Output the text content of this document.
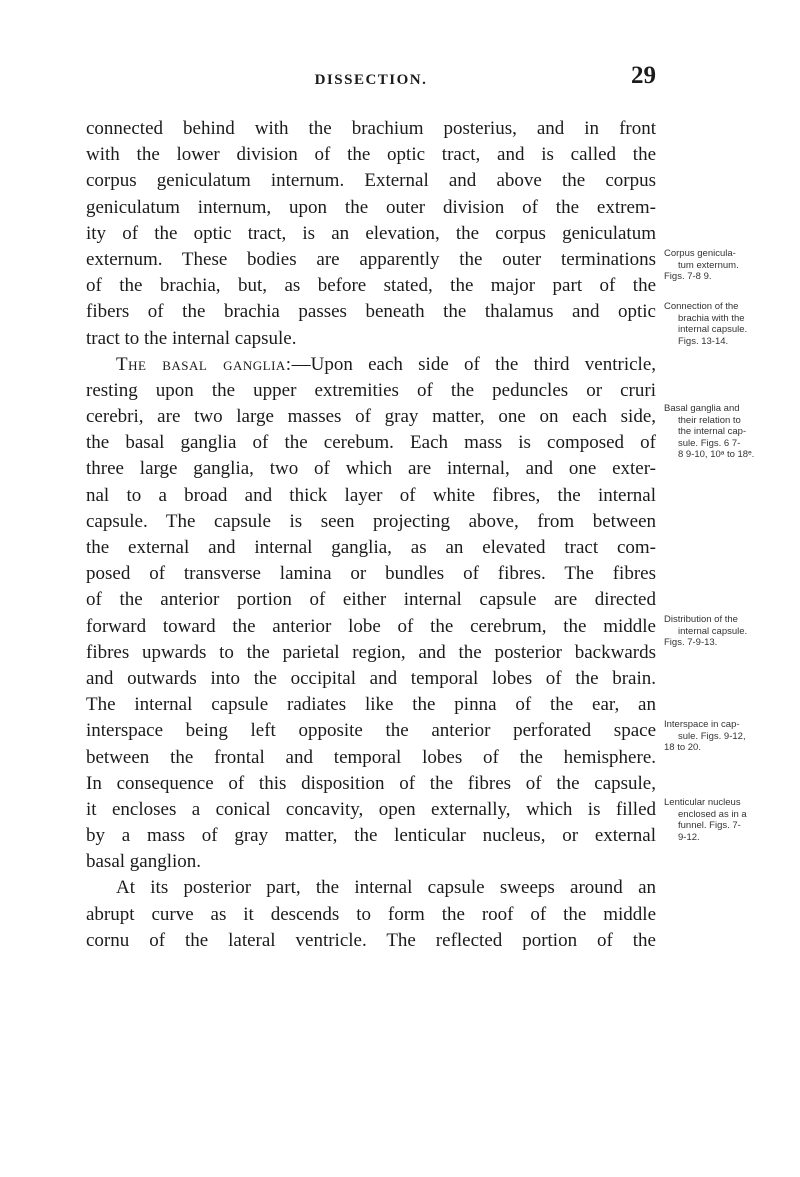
DISSECTION.	29
connected behind with the brachium posterius, and in front
with the lower division of the optic tract, and is called the
corpus geniculatum internum. External and above the corpus
geniculatum internum, upon the outer division of the extrem-
ity of the optic tract, is an elevation, the corpus geniculatum
externum. These bodies are apparently the outer terminations
of the brachia, but, as before stated, the major part of the
fibers of the brachia passes beneath the thalamus and optic
tract to the internal capsule.
The basal ganglia:—Upon each side of the third ventricle,
resting upon the upper extremities of the peduncles or cruri
cerebri, are two large masses of gray matter, one on each side,
the basal ganglia of the cerebum. Each mass is composed of
three large ganglia, two of which are internal, and one exter-
nal to a broad and thick layer of white fibres, the internal
capsule. The capsule is seen projecting above, from between
the external and internal ganglia, as an elevated tract com-
posed of transverse lamina or bundles of fibres. The fibres
of the anterior portion of either internal capsule are directed
forward toward the anterior lobe of the cerebrum, the middle
fibres upwards to the parietal region, and the posterior backwards
and outwards into the occipital and temporal lobes of the brain.
The internal capsule radiates like the pinna of the ear, an
interspace being left opposite the anterior perforated space
between the frontal and temporal lobes of the hemisphere.
In consequence of this disposition of the fibres of the capsule,
it encloses a conical concavity, open externally, which is filled
by a mass of gray matter, the lenticular nucleus, or external
basal ganglion.
At its posterior part, the internal capsule sweeps around an
abrupt curve as it descends to form the roof of the middle
cornu of the lateral ventricle. The reflected portion of the
Corpus genicula-
tum externum.
Figs. 7-8 9.
Connection of the
brachia with the
internal capsule.
Figs. 13-14.
Basal ganglia and
their relation to
the internal cap-
sule. Figs. 6 7-
8 9-10, 10ᵃ to 18ᵉ.
Distribution of the
internal capsule.
Figs. 7-9-13.
Interspace in cap-
sule. Figs. 9-12,
18 to 20.
Lenticular nucleus
enclosed as in a
funnel. Figs. 7-
9-12.
